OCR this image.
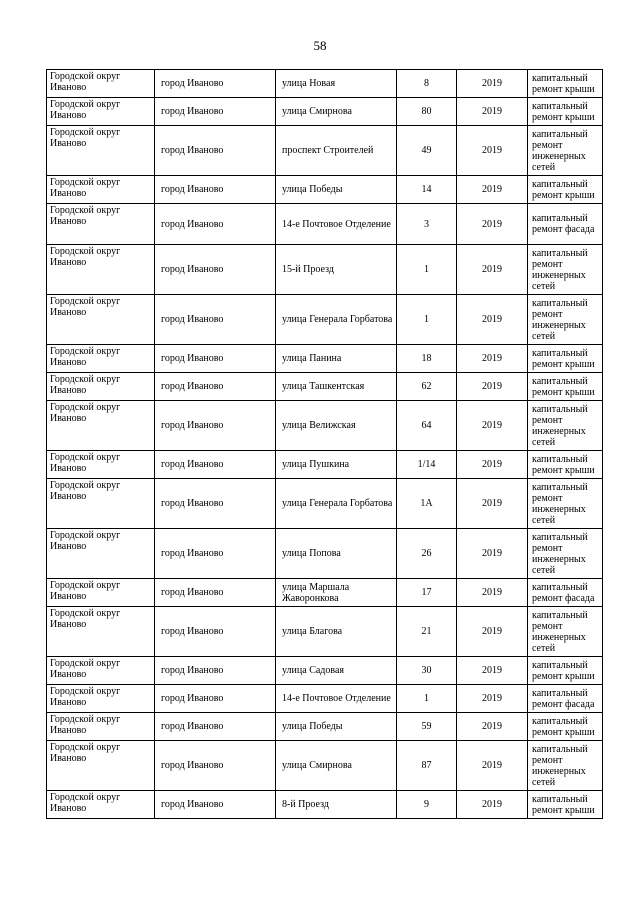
58
Городской округ Иваново	город Иваново	улица Новая	8	2019	капитальный ремонт крыши
Городской округ Иваново	город Иваново	улица Смирнова	80	2019	капитальный ремонт крыши
Городской округ Иваново	город Иваново	проспект Строителей	49	2019	капитальный ремонт инженерных сетей
Городской округ Иваново	город Иваново	улица Победы	14	2019	капитальный ремонт крыши
Городской округ Иваново	город Иваново	14-е Почтовое Отделение	3	2019	капитальный ремонт фасада
Городской округ Иваново	город Иваново	15-й Проезд	1	2019	капитальный ремонт инженерных сетей
Городской округ Иваново	город Иваново	улица Генерала Горбатова	1	2019	капитальный ремонт инженерных сетей
Городской округ Иваново	город Иваново	улица Панина	18	2019	капитальный ремонт крыши
Городской округ Иваново	город Иваново	улица Ташкентская	62	2019	капитальный ремонт крыши
Городской округ Иваново	город Иваново	улица Велижская	64	2019	капитальный ремонт инженерных сетей
Городской округ Иваново	город Иваново	улица Пушкина	1/14	2019	капитальный ремонт крыши
Городской округ Иваново	город Иваново	улица Генерала Горбатова	1А	2019	капитальный ремонт инженерных сетей
Городской округ Иваново	город Иваново	улица Попова	26	2019	капитальный ремонт инженерных сетей
Городской округ Иваново	город Иваново	улица Маршала Жаворонкова	17	2019	капитальный ремонт фасада
Городской округ Иваново	город Иваново	улица Благова	21	2019	капитальный ремонт инженерных сетей
Городской округ Иваново	город Иваново	улица Садовая	30	2019	капитальный ремонт крыши
Городской округ Иваново	город Иваново	14-е Почтовое Отделение	1	2019	капитальный ремонт фасада
Городской округ Иваново	город Иваново	улица Победы	59	2019	капитальный ремонт крыши
Городской округ Иваново	город Иваново	улица Смирнова	87	2019	капитальный ремонт инженерных сетей
Городской округ Иваново	город Иваново	8-й Проезд	9	2019	капитальный ремонт крыши
